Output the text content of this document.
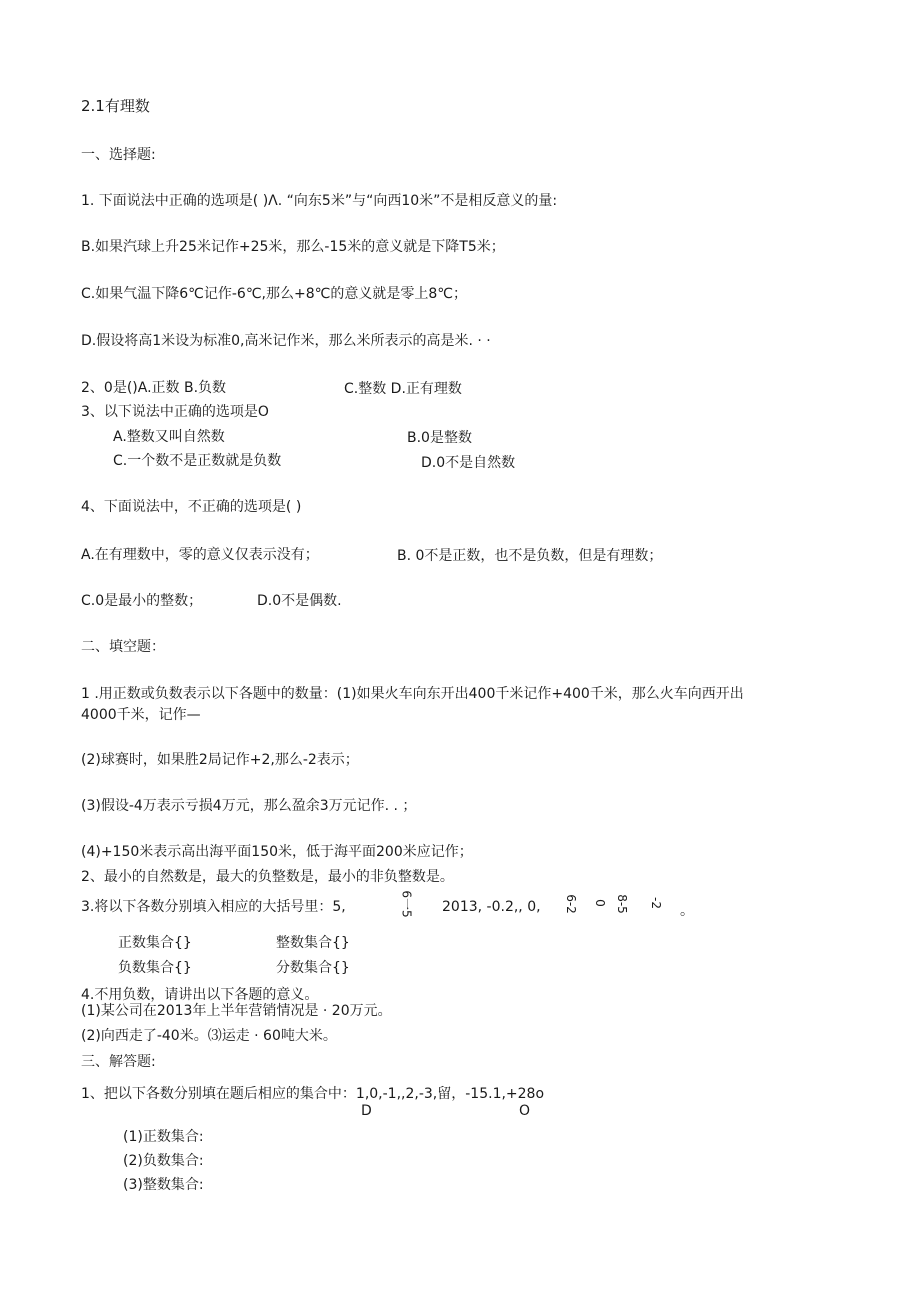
2.1有理数
一、选择题:
1. 下面说法中正确的选项是( )Λ. “向东5米”与“向西10米”不是相反意义的量:
B.如果汽球上升25米记作+25米，那么-15米的意义就是下降T5米；
C.如果气温下降6℃记作-6℃,那么+8℃的意义就是零上8℃；
D.假设将高1米设为标准0,高米记作米，那么米所表示的高是米. · ·
2、0是()A.正数 B.负数	C.整数 D.正有理数
3、以下说法中正确的选项是O
A.整数又叫自然数	B.0是整数
C.一个数不是正数就是负数	D.0不是自然数
4、下面说法中，不正确的选项是( )
A.在有理数中，零的意义仅表示没有；	B. 0不是正数，也不是负数，但是有理数；
C.0是最小的整数；	D.0不是偶数.
二、填空题：
1 .用正数或负数表示以下各题中的数量：(1)如果火车向东开出400千米记作+400千米，那么火车向西开出
4000千米，记作—
(2)球赛时，如果胜2局记作+2,那么-2表示；
(3)假设-4万表示亏损4万元，那么盈余3万元记作. . ；
(4)+150米表示高出海平面150米，低于海平面200米应记作；
2、最小的自然数是，最大的负整数是，最小的非负整数是。
3.将以下各数分别填入相应的大括号里：5,	6一5 2013, -0.2,, 0, 6-2 0 8-5 -2 。
正数集合{}	整数集合{}
负数集合{}	分数集合{}
4.不用负数，请讲出以下各题的意义。
(1)某公司在2013年上半年营销情况是 · 20万元。
(2)向西走了-40米。⑶运走 · 60吨大米。
三、解答题:
1、把以下各数分别填在题后相应的集合中：1,0,-1,,2,-3,留，-15.1,+28o
D	O
(1)正数集合:
(2)负数集合:
(3)整数集合:
